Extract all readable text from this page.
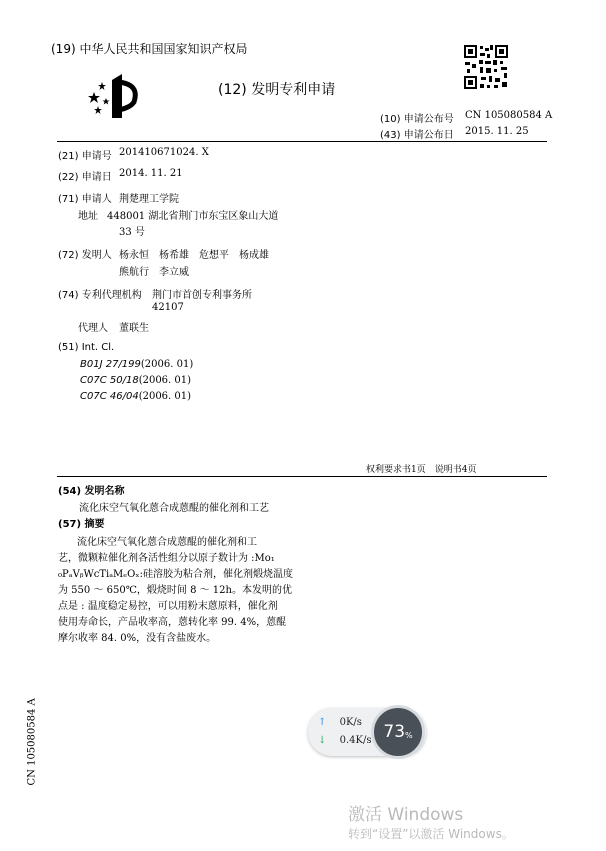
(19) 中华人民共和国国家知识产权局
(12) 发明专利申请
(10) 申请公布号 CN 105080584 A
(43) 申请公布日 2015. 11. 25
(21) 申请号 201410671024. X
(22) 申请日 2014. 11. 21
(71) 申请人 荆楚理工学院
地址 448001 湖北省荆门市东宝区象山大道
33 号
(72) 发明人 杨永恒　杨希雄　危想平　杨成雄
熊航行　李立威
(74) 专利代理机构 荆门市首创专利事务所
42107
代理人 董联生
(51) Int. Cl.
B01J 27/199(2006. 01)
C07C 50/18(2006. 01)
C07C 46/04(2006. 01)
权利要求书1页　说明书4页
(54) 发明名称
流化床空气氧化蒽合成蒽醌的催化剂和工艺
(57) 摘要
流化床空气氧化蒽合成蒽醌的催化剂和工
艺，微颗粒催化剂各活性组分以原子数计为 :Mo₁
₀PₐVᵦWcTiₐMₑOₓ:硅溶胶为粘合剂，催化剂煅烧温度
为 550 ～ 650℃，煅烧时间 8 ～ 12h。本发明的优
点是 : 温度稳定易控，可以用粉末蒽原料，催化剂
使用寿命长，产品收率高，蒽转化率 99. 4%，蒽醌
摩尔收率 84. 0%，没有含盐废水。
CN 105080584 A	↑ 0K/s
↓ 0.4K/s 73 %
激活 Windows
转到“设置”以激活 Windows。
